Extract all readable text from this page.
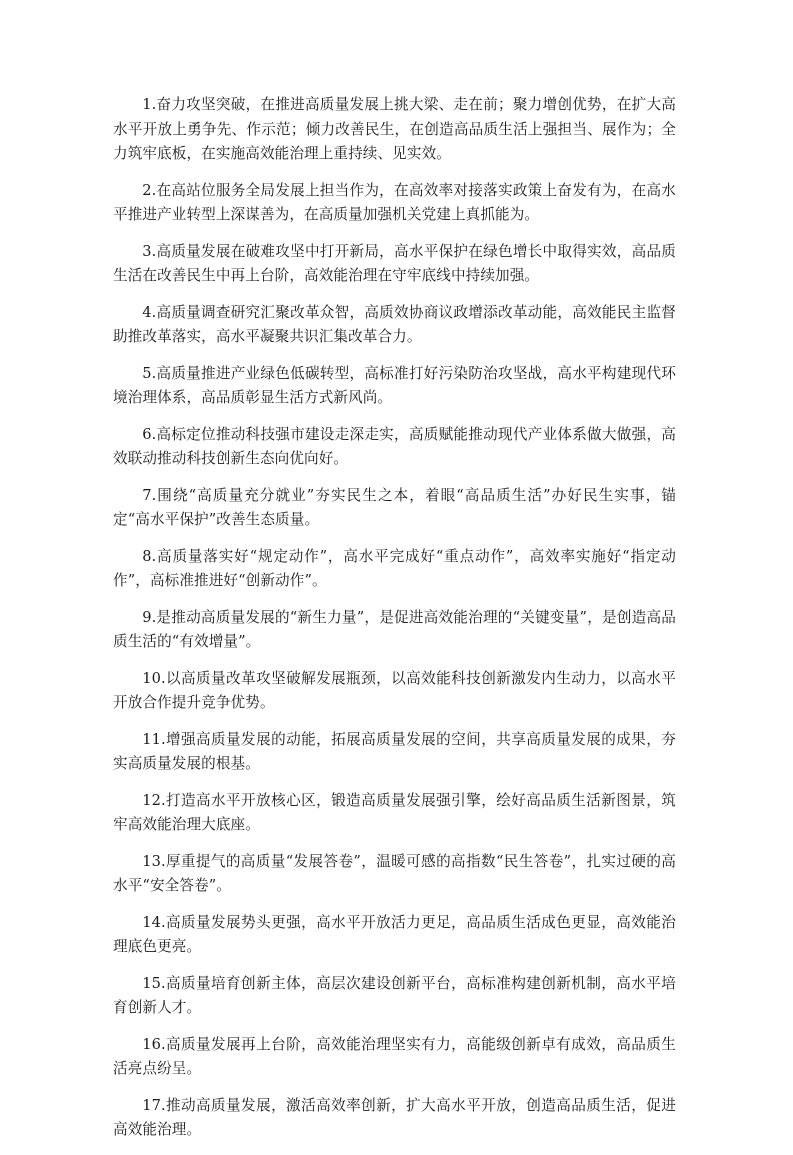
1.奋力攻坚突破，在推进高质量发展上挑大梁、走在前；聚力增创优势，在扩大高水平开放上勇争先、作示范；倾力改善民生，在创造高品质生活上强担当、展作为；全力筑牢底板，在实施高效能治理上重持续、见实效。

2.在高站位服务全局发展上担当作为，在高效率对接落实政策上奋发有为，在高水平推进产业转型上深谋善为，在高质量加强机关党建上真抓能为。

3.高质量发展在破难攻坚中打开新局，高水平保护在绿色增长中取得实效，高品质生活在改善民生中再上台阶，高效能治理在守牢底线中持续加强。

4.高质量调查研究汇聚改革众智，高质效协商议政增添改革动能，高效能民主监督助推改革落实，高水平凝聚共识汇集改革合力。

5.高质量推进产业绿色低碳转型，高标准打好污染防治攻坚战，高水平构建现代环境治理体系，高品质彰显生活方式新风尚。

6.高标定位推动科技强市建设走深走实，高质赋能推动现代产业体系做大做强，高效联动推动科技创新生态向优向好。

7.围绕“高质量充分就业”夯实民生之本，着眼“高品质生活”办好民生实事，锚定“高水平保护”改善生态质量。

8.高质量落实好“规定动作”，高水平完成好“重点动作”，高效率实施好“指定动作”，高标准推进好“创新动作”。

9.是推动高质量发展的“新生力量”，是促进高效能治理的“关键变量”，是创造高品质生活的“有效增量”。

10.以高质量改革攻坚破解发展瓶颈，以高效能科技创新激发内生动力，以高水平开放合作提升竞争优势。

11.增强高质量发展的动能，拓展高质量发展的空间，共享高质量发展的成果，夯实高质量发展的根基。

12.打造高水平开放核心区，锻造高质量发展强引擎，绘好高品质生活新图景，筑牢高效能治理大底座。

13.厚重提气的高质量“发展答卷”，温暖可感的高指数“民生答卷”，扎实过硬的高水平“安全答卷”。

14.高质量发展势头更强，高水平开放活力更足，高品质生活成色更显，高效能治理底色更亮。

15.高质量培育创新主体，高层次建设创新平台，高标准构建创新机制，高水平培育创新人才。

16.高质量发展再上台阶，高效能治理坚实有力，高能级创新卓有成效，高品质生活亮点纷呈。

17.推动高质量发展，激活高效率创新，扩大高水平开放，创造高品质生活，促进高效能治理。
